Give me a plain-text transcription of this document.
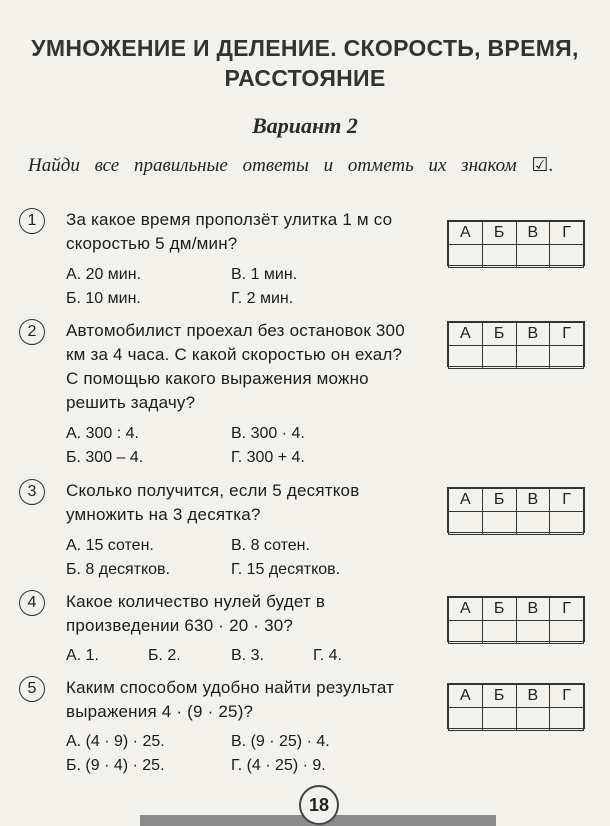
УМНОЖЕНИЕ И ДЕЛЕНИЕ. СКОРОСТЬ, ВРЕМЯ,
РАССТОЯНИЕ
Вариант 2
Найди все правильные ответы и отметь их знаком ☑.
1	За какое время проползёт улитка 1 м со скоростью 5 дм/мин?
А. 20 мин.	В. 1 мин.
Б. 10 мин.	Г. 2 мин.
А	Б	В	Г

2	Автомобилист проехал без остановок 300 км за 4 часа. С какой скоростью он ехал? С помощью какого выражения можно решить задачу?
А. 300 : 4.	В. 300 · 4.
Б. 300 – 4.	Г. 300 + 4.
А	Б	В	Г

3	Сколько получится, если 5 десятков умножить на 3 десятка?
А. 15 сотен.	В. 8 сотен.
Б. 8 десятков.	Г. 15 десятков.
А	Б	В	Г

4	Какое количество нулей будет в произведении 630 · 20 · 30?
А. 1.	Б. 2.	В. 3.	Г. 4.
А	Б	В	Г

5	Каким способом удобно найти результат выражения 4 · (9 · 25)?
А. (4 · 9) · 25.	В. (9 · 25) · 4.
Б. (9 · 4) · 25.	Г. (4 · 25) · 9.
А	Б	В	Г

18
